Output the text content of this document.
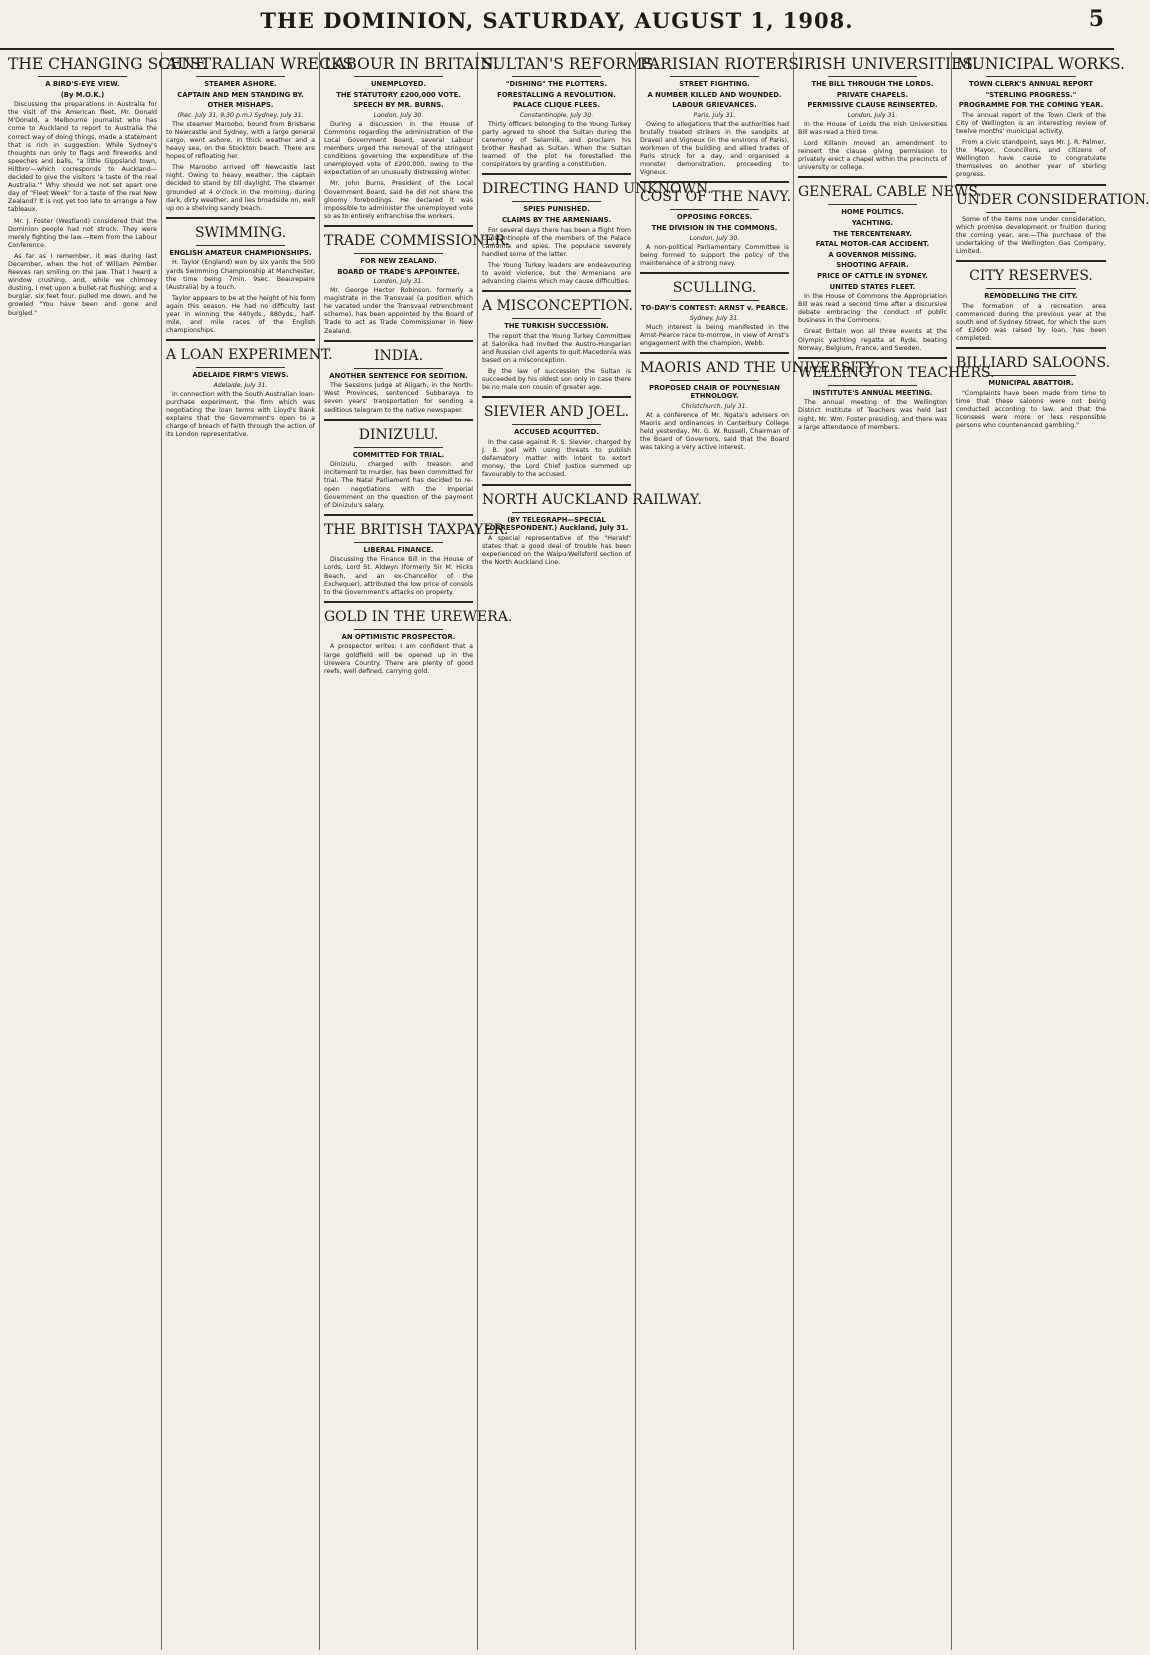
THE DOMINION, SATURDAY, AUGUST 1, 1908.	5
THE CHANGING SCENE
A BIRD'S-EYE VIEW.
(By M.O.K.)

Discussing the preparations in Australia for the visit of the American fleet, Mr. Donald M'Donald, a Melbourne journalist who has come to Auckland to report to Australia the correct way of doing things, made a statement that is rich in suggestion. While Sydney's thoughts run only to flags and fireworks and speeches and balls, "a little Gippsland town, Hiltbro'—which corresponds to Auckland—decided to give the visitors 'a taste of the real Australia.'" Why should we not set apart one day of "Fleet Week" for a taste of the real New Zealand? It is not yet too late to arrange a few tableaux.

Mr. J. Foster (Westland) considered that the Dominion people had not struck. They were merely fighting the law.—Item from the Labour Conference.

As far as I remember, it was during last December, when the hot of William Pember Reeves ran smiling on the jaw. That I heard a window crushing, and, while we chimney dusting, I met upon a bullet-rat flushing; and a burglar, six feet four, pulled me down, and he growled "You have been and gone and burgled."

AUSTRALIAN WRECKS
STEAMER ASHORE.
CAPTAIN AND MEN STANDING BY.
OTHER MISHAPS.
(Rec. July 31, 9.30 p.m.) Sydney, July 31.

The steamer Maroobo, bound from Brisbane to Newcastle and Sydney, with a large general cargo, went ashore, in thick weather and a heavy sea, on the Stockton beach. There are hopes of refloating her.

The Maroobo arrived off Newcastle last night. Owing to heavy weather, the captain decided to stand by till daylight. The steamer grounded at 4 o'clock in the morning, during dark, dirty weather, and lies broadside on, well up on a shelving sandy beach.

SWIMMING.
ENGLISH AMATEUR CHAMPIONSHIPS.

H. Taylor (England) won by six yards the 500 yards Swimming Championship at Manchester, the time being 7min. 9sec. Beaurepaire (Australia) by a touch.

Taylor appears to be at the height of his form again this season. He had no difficulty last year in winning the 440yds., 880yds., half-mile, and mile races of the English championships.

A LOAN EXPERIMENT.
ADELAIDE FIRM'S VIEWS.
Adelaide, July 31.

In connection with the South Australian loan-purchase experiment, the firm which was negotiating the loan terms with Lloyd's Bank explains that the Government's open to a charge of breach of faith through the action of its London representative.

LABOUR IN BRITAIN.
UNEMPLOYED.
THE STATUTORY £200,000 VOTE.
SPEECH BY MR. BURNS.
London, July 30.

During a discussion in the House of Commons regarding the administration of the Local Government Board, several Labour members urged the removal of the stringent conditions governing the expenditure of the unemployed vote of £200,000, owing to the expectation of an unusually distressing winter.

Mr. John Burns, President of the Local Government Board, said he did not share the gloomy forebodings. He declared it was impossible to administer the unemployed vote so as to entirely enfranchise the workers.

TRADE COMMISSIONER.
FOR NEW ZEALAND.
BOARD OF TRADE'S APPOINTEE.
London, July 31.

Mr. George Hector Robinson, formerly a magistrate in the Transvaal (a position which he vacated under the Transvaal retrenchment scheme), has been appointed by the Board of Trade to act as Trade Commissioner in New Zealand.

INDIA.
ANOTHER SENTENCE FOR SEDITION.

The Sessions Judge at Aligarh, in the North-West Provinces, sentenced Subbaraya to seven years' transportation for sending a seditious telegram to the native newspaper.

DINIZULU.
COMMITTED FOR TRIAL.

Dinizulu, charged with treason and incitement to murder, has been committed for trial. The Natal Parliament has decided to re-open negotiations with the Imperial Government on the question of the payment of Dinizulu's salary.

THE BRITISH TAXPAYER.
LIBERAL FINANCE.

Discussing the Finance Bill in the House of Lords, Lord St. Aldwyn (formerly Sir M. Hicks Beach, and an ex-Chancellor of the Exchequer), attributed the low price of consols to the Government's attacks on property.

GOLD IN THE UREWERA.
AN OPTIMISTIC PROSPECTOR.

A prospector writes: I am confident that a large goldfield will be opened up in the Urewera Country. There are plenty of good reefs, well defined, carrying gold.

SULTAN'S REFORMS.
"DISHING" THE PLOTTERS.
FORESTALLING A REVOLUTION.
PALACE CLIQUE FLEES.
Constantinople, July 30.

Thirty officers belonging to the Young Turkey party agreed to shoot the Sultan during the ceremony of Selamlik, and proclaim his brother Reshad as Sultan. When the Sultan learned of the plot he forestalled the conspirators by granting a constitution.

DIRECTING HAND UNKNOWN.
SPIES PUNISHED.
CLAIMS BY THE ARMENIANS.

For several days there has been a flight from Constantinople of the members of the Palace camarilla and spies. The populace severely handled some of the latter.

The Young Turkey leaders are endeavouring to avoid violence, but the Armenians are advancing claims which may cause difficulties.

A MISCONCEPTION.
THE TURKISH SUCCESSION.

The report that the Young Turkey Committee at Salonika had invited the Austro-Hungarian and Russian civil agents to quit Macedonia was based on a misconception.

By the law of succession the Sultan is succeeded by his oldest son only in case there be no male son cousin of greater age.

SIEVIER AND JOEL.
ACCUSED ACQUITTED.

In the case against R. S. Sievier, charged by J. B. Joel with using threats to publish defamatory matter with intent to extort money, the Lord Chief Justice summed up favourably to the accused.

NORTH AUCKLAND RAILWAY.
(BY TELEGRAPH—SPECIAL CORRESPONDENT.) Auckland, July 31.

A special representative of the "Herald" states that a good deal of trouble has been experienced on the Waipu-Wellsford section of the North Auckland Line.

PARISIAN RIOTERS.
STREET FIGHTING.
A NUMBER KILLED AND WOUNDED.
LABOUR GRIEVANCES.
Paris, July 31.

Owing to allegations that the authorities had brutally treated strikers in the sandpits at Draveil and Vigneux (in the environs of Paris), workmen of the building and allied trades of Paris struck for a day, and organised a monster demonstration, proceeding to Vigneux.

COST OF THE NAVY.
OPPOSING FORCES.
THE DIVISION IN THE COMMONS.
London, July 30.

A non-political Parliamentary Committee is being formed to support the policy of the maintenance of a strong navy.

SCULLING.
TO-DAY'S CONTEST: ARNST v. PEARCE.
Sydney, July 31.

Much interest is being manifested in the Arnst-Pearce race to-morrow, in view of Arnst's engagement with the champion, Webb.

MAORIS AND THE UNIVERSITY.
PROPOSED CHAIR OF POLYNESIAN ETHNOLOGY.
Christchurch, July 31.

At a conference of Mr. Ngata's advisers on Maoris and ordinances in Canterbury College held yesterday, Mr. G. W. Russell, Chairman of the Board of Governors, said that the Board was taking a very active interest.

IRISH UNIVERSITIES.
THE BILL THROUGH THE LORDS.
PRIVATE CHAPELS.
PERMISSIVE CLAUSE REINSERTED.
London, July 31.

In the House of Lords the Irish Universities Bill was read a third time.

Lord Killanin moved an amendment to reinsert the clause giving permission to privately erect a chapel within the precincts of university or college.

GENERAL CABLE NEWS.
HOME POLITICS.
YACHTING.
THE TERCENTENARY.
FATAL MOTOR-CAR ACCIDENT.
A GOVERNOR MISSING.
SHOOTING AFFAIR.
PRICE OF CATTLE IN SYDNEY.
UNITED STATES FLEET.

In the House of Commons the Appropriation Bill was read a second time after a discursive debate embracing the conduct of public business in the Commons.

Great Britain won all three events at the Olympic yachting regatta at Ryde, beating Norway, Belgium, France, and Sweden.

WELLINGTON TEACHERS.
INSTITUTE'S ANNUAL MEETING.

The annual meeting of the Wellington District Institute of Teachers was held last night, Mr. Wm. Foster presiding, and there was a large attendance of members.

MUNICIPAL WORKS.
TOWN CLERK'S ANNUAL REPORT
"STERLING PROGRESS."
PROGRAMME FOR THE COMING YEAR.

The annual report of the Town Clerk of the City of Wellington is an interesting review of twelve months' municipal activity.

From a civic standpoint, says Mr. J. R. Palmer, the Mayor, Councillors, and citizens of Wellington have cause to congratulate themselves on another year of sterling progress.

UNDER CONSIDERATION.

Some of the items now under consideration, which promise development or fruition during the coming year, are:—The purchase of the undertaking of the Wellington Gas Company, Limited.

CITY RESERVES.
REMODELLING THE CITY.

The formation of a recreation area commenced during the previous year at the south end of Sydney Street, for which the sum of £2600 was raised by loan, has been completed.

BILLIARD SALOONS.
MUNICIPAL ABATTOIR.

"Complaints have been made from time to time that these saloons were not being conducted according to law, and that the licensees were more or less responsible persons who countenanced gambling."
